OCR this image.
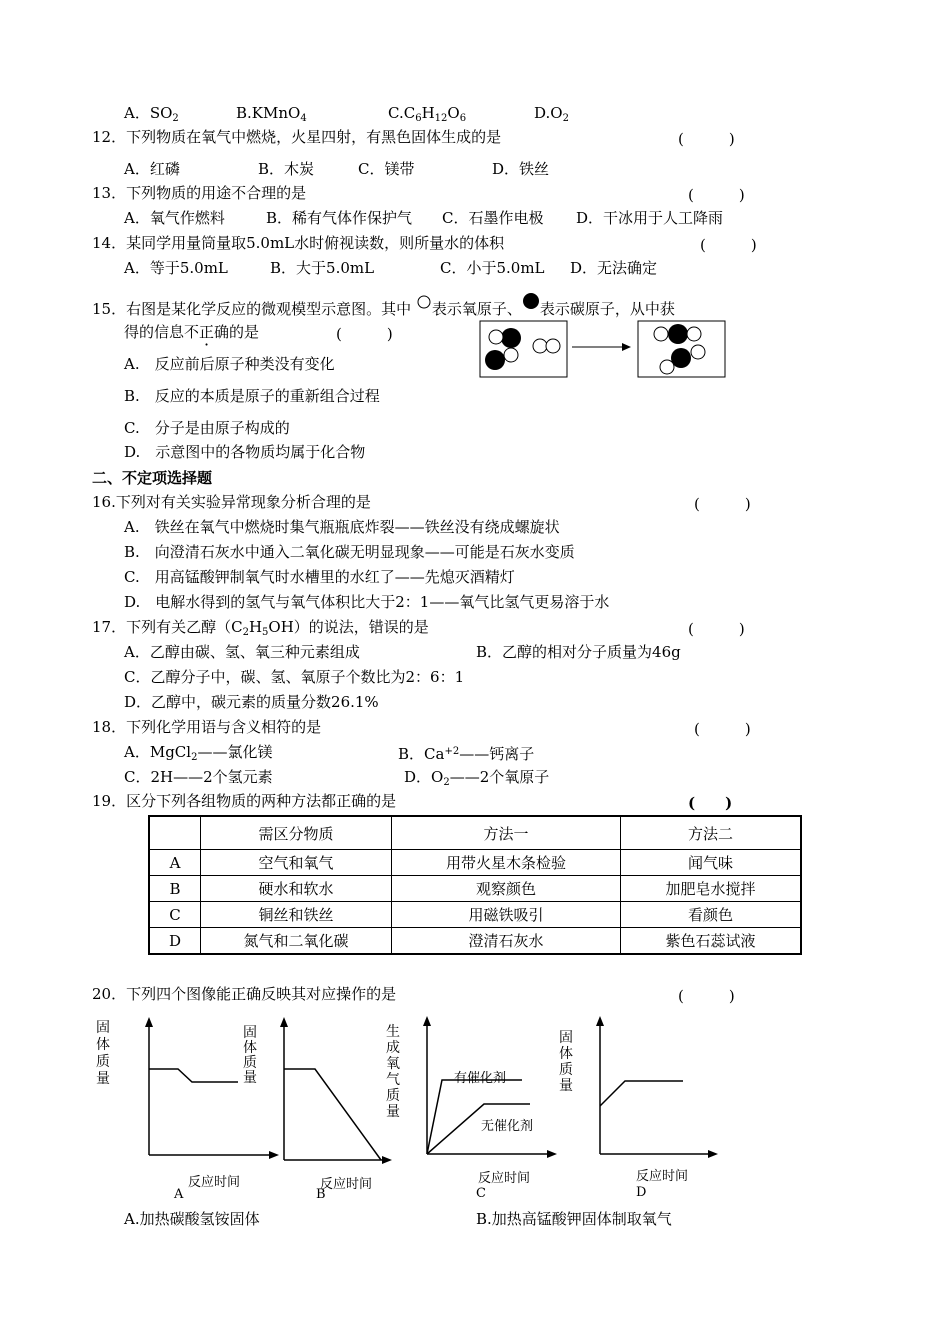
A．$SO_2$	B.KMnO$_4$	$C.C_6H_{12}O_6$	$D.O_2$
12．下列物质在氧气中燃烧，火星四射，有黑色固体生成的是	(　　　)
A．红磷	B．木炭	C．镁带	D．铁丝
13．下列物质的用途不合理的是	(　　　)
A．氧气作燃料	B．稀有气体作保护气 C．石墨作电极 D．干冰用于人工降雨
14．某同学用量筒量取5.0mL水时俯视读数，则所量水的体积	(　　　)
A．等于5.0mL	B．大于5.0mL	C．小于5.0mL D．无法确定
15．右图是某化学反应的微观模型示意图。其中 表示氧原子、 表示碳原子，从中获
得的信息不正确的是	(　　　)
A.　反应前后原子种类没有变化
B.　反应的本质是原子的重新组合过程
C.　分子是由原子构成的
D.　示意图中的各物质均属于化合物
二、不定项选择题
16.下列对有关实验异常现象分析合理的是	(　　　)
A.　铁丝在氧气中燃烧时集气瓶瓶底炸裂——铁丝没有绕成螺旋状
B.　向澄清石灰水中通入二氧化碳无明显现象——可能是石灰水变质
C.　用高锰酸钾制氧气时水槽里的水红了——先熄灭酒精灯
D.　电解水得到的氢气与氧气体积比大于2：1——氧气比氢气更易溶于水
17．下列有关乙醇$(C_2H_5OH)$的说法，错误的是	(　　　)
A．乙醇由碳、氢、氧三种元素组成	B．乙醇的相对分子质量为46g
C．乙醇分子中，碳、氢、氧原子个数比为2：6：1
D．乙醇中，碳元素的质量分数26.1%
18．下列化学用语与含义相符的是	(　　　)
A．MgCl$_2$——氯化镁	B．$Ca^{+2}——$钙离子
C．2H——2个氢元素	D．$O_2——2$个氧原子
19．区分下列各组物质的两种方法都正确的是	(　　)
	需区分物质	方法一	方法二
A	空气和氧气	用带火星木条检验	闻气味
B	硬水和软水	观察颜色	加肥皂水搅拌
C	铜丝和铁丝	用磁铁吸引	看颜色
D	氮气和二氧化碳	澄清石灰水	紫色石蕊试液
20．下列四个图像能正确反映其对应操作的是	(　　　)
固体质量
反应时间
A
固体质量
反应时间
B
生成氧气质量
有催化剂
无催化剂
反应时间
C
固体质量
反应时间
D
A.加热碳酸氢铵固体	B.加热高锰酸钾固体制取氧气
